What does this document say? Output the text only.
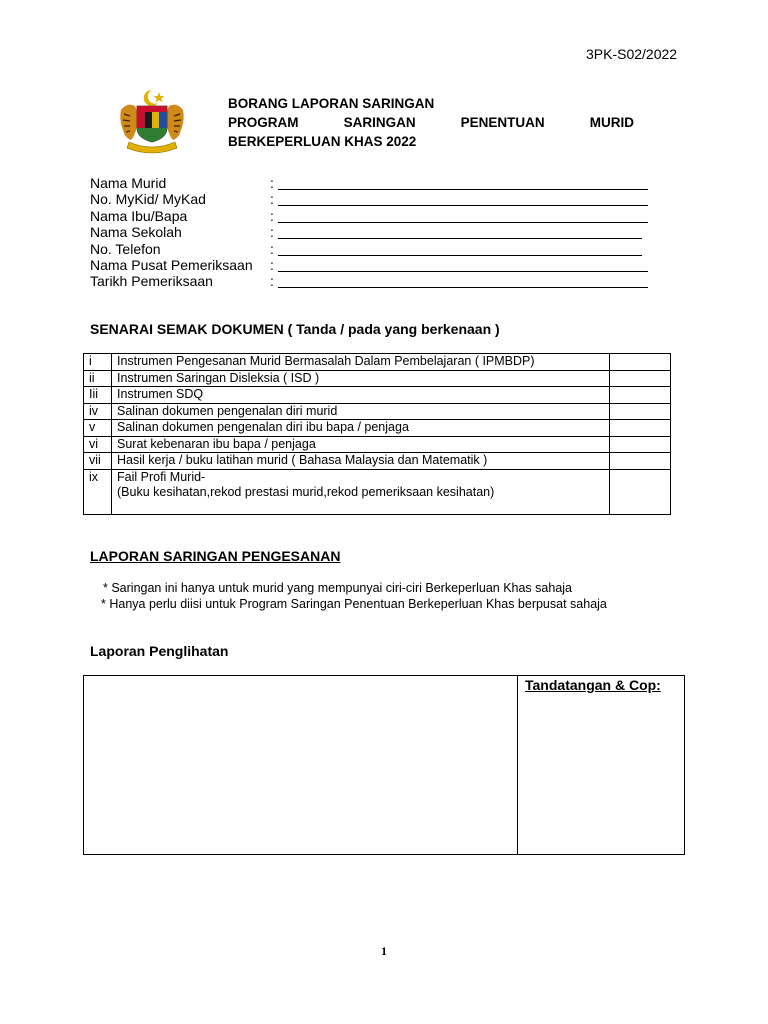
3PK-S02/2022
BORANG LAPORAN SARINGAN
PROGRAM	SARINGAN	PENENTUAN	MURID
BERKEPERLUAN KHAS 2022
Nama Murid	:
No. MyKid/ MyKad	:
Nama Ibu/Bapa	:
Nama Sekolah	:
No. Telefon	:
Nama Pusat Pemeriksaan	:
Tarikh Pemeriksaan	:
SENARAI SEMAK DOKUMEN ( Tanda / pada yang berkenaan )
i	Instrumen Pengesanan Murid Bermasalah Dalam Pembelajaran ( IPMBDP)	
ii	Instrumen Saringan Disleksia ( ISD )	
Iii	Instrumen SDQ	
iv	Salinan dokumen pengenalan diri murid	
v	Salinan dokumen pengenalan diri ibu bapa / penjaga	
vi	Surat kebenaran ibu bapa / penjaga	
vii	Hasil kerja / buku latihan murid ( Bahasa Malaysia dan Matematik )	
ix	Fail Profi Murid-
(Buku kesihatan,rekod prestasi murid,rekod pemeriksaan kesihatan)	

LAPORAN SARINGAN PENGESANAN
* Saringan ini hanya untuk murid yang mempunyai ciri-ciri Berkeperluan Khas sahaja
* Hanya perlu diisi untuk Program Saringan Penentuan Berkeperluan Khas berpusat sahaja
Laporan Penglihatan
Tandatangan & Cop:
1
